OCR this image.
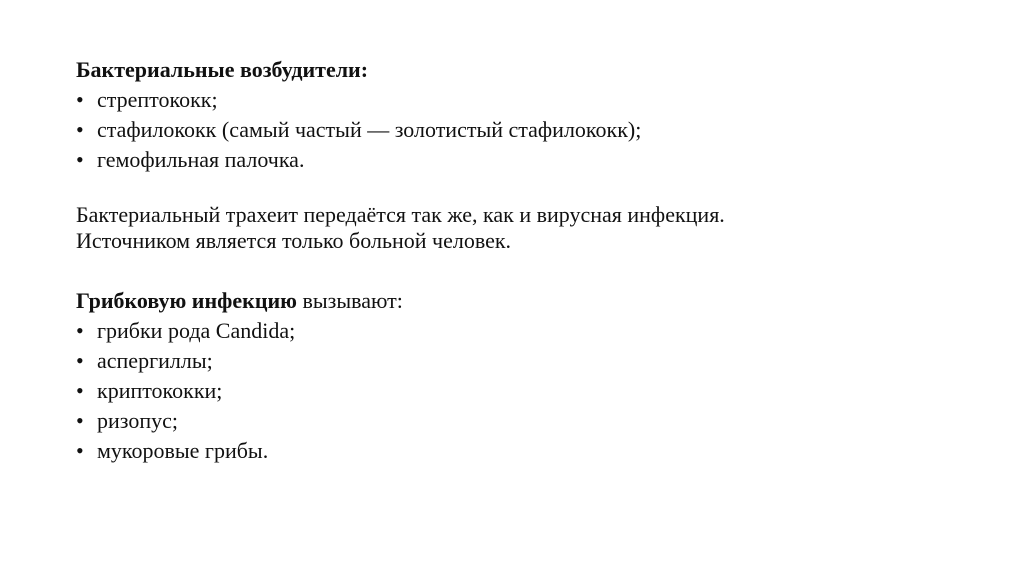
Бактериальные возбудители:

• стрептококк;
• стафилококк (самый частый — золотистый стафилококк);
• гемофильная палочка.

Бактериальный трахеит передаётся так же, как и вирусная инфекция.

Источником является только больной человек.

Грибковую инфекцию вызывают:

• грибки рода Candida;
• аспергиллы;
• криптококки;
• ризопус;
• мукоровые грибы.
